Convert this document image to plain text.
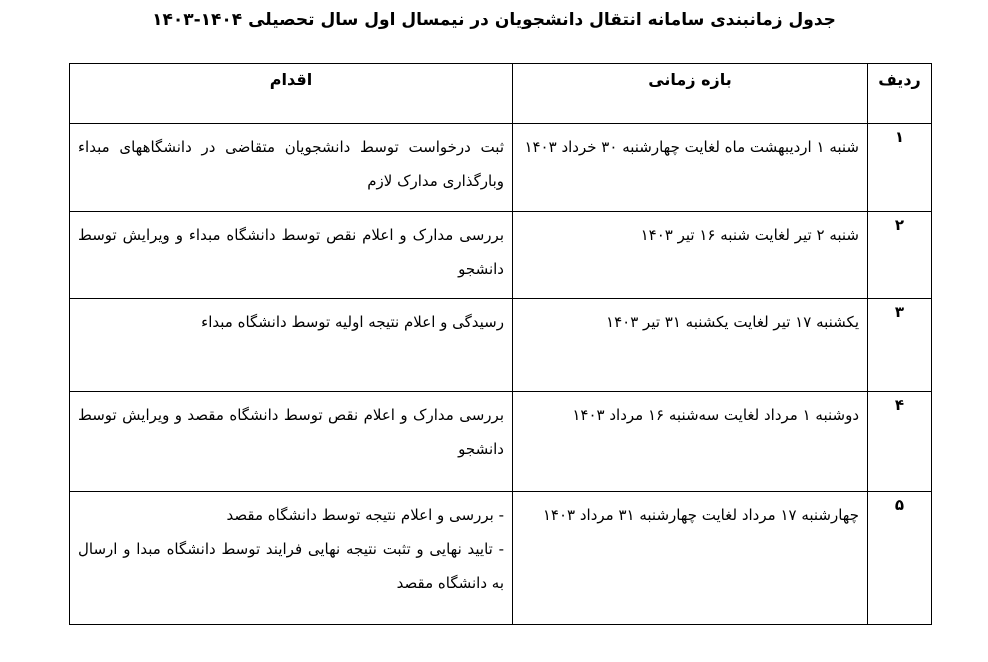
جدول زمانبندی سامانه انتقال دانشجویان در نیمسال اول سال تحصیلی ۱۴۰۴-۱۴۰۳
ردیف	بازه زمانی	اقدام

۱	شنبه ۱ اردیبهشت ماه لغایت چهارشنبه ۳۰ خرداد ۱۴۰۳	ثبت درخواست توسط دانشجویان متقاضی در دانشگاههای مبداء وبارگذاری مدارک لازم

۲	شنبه ۲ تیر لغایت شنبه ۱۶ تیر ۱۴۰۳	بررسی مدارک و اعلام نقص توسط دانشگاه مبداء و ویرایش توسط دانشجو

۳	یکشنبه ۱۷ تیر لغایت یکشنبه ۳۱ تیر ۱۴۰۳	رسیدگی و اعلام نتیجه اولیه توسط دانشگاه مبداء

۴	دوشنبه ۱ مرداد لغایت سه‌شنبه ۱۶ مرداد ۱۴۰۳	بررسی مدارک و اعلام نقص توسط دانشگاه مقصد و ویرایش توسط دانشجو

۵	چهارشنبه ۱۷ مرداد لغایت چهارشنبه ۳۱ مرداد ۱۴۰۳	- بررسی و اعلام نتیجه توسط دانشگاه مقصد
- تایید نهایی و تثبت نتیجه نهایی فرایند توسط دانشگاه مبدا و ارسال به دانشگاه مقصد
